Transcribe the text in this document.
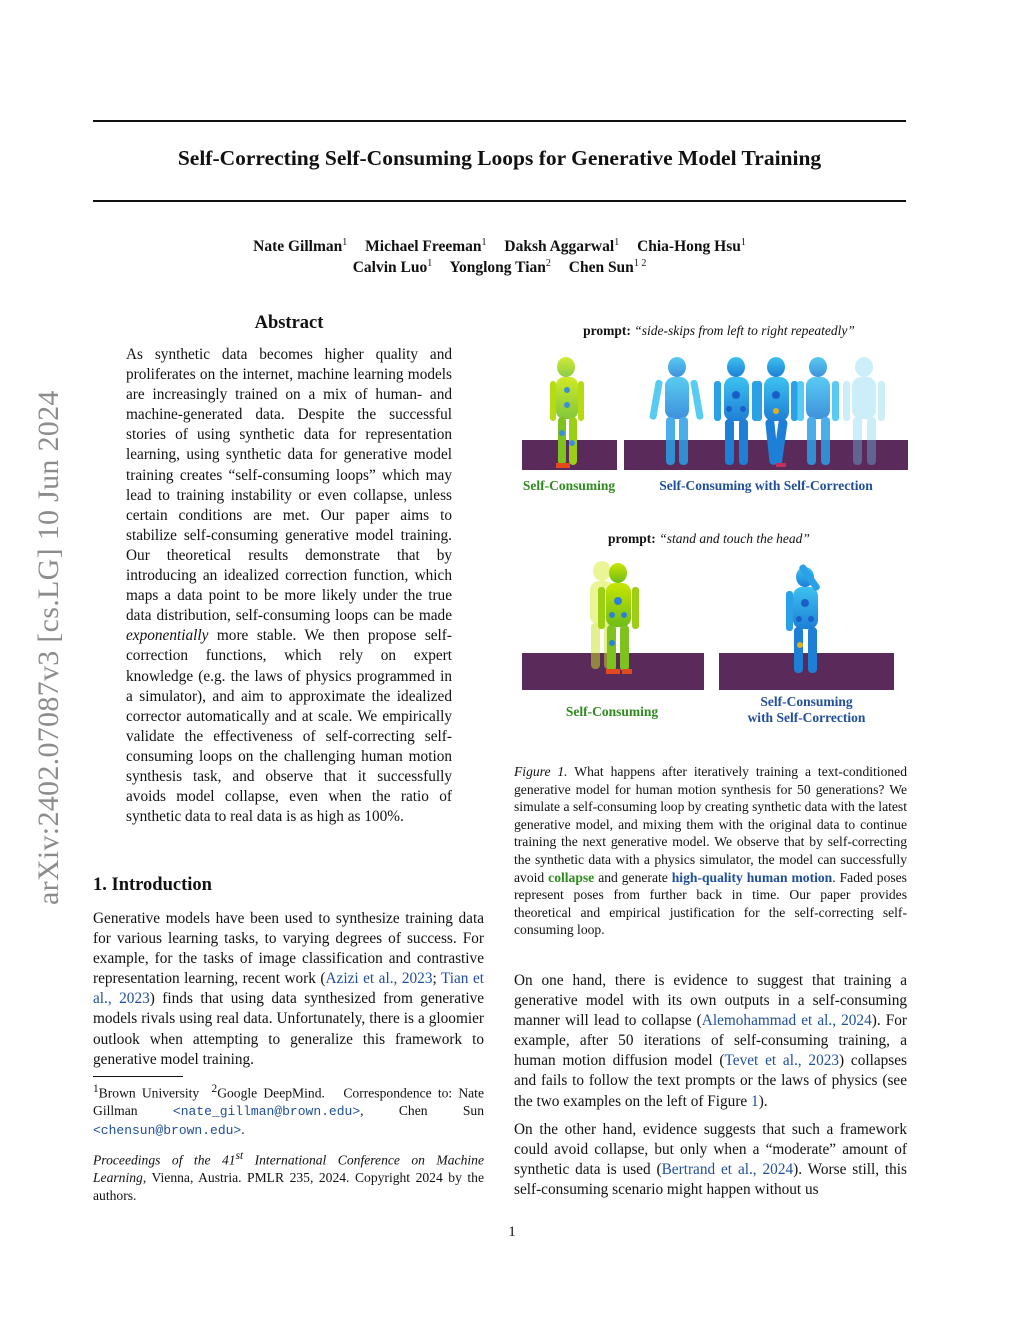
arXiv:2402.07087v3 [cs.LG] 10 Jun 2024
Self-Correcting Self-Consuming Loops for Generative Model Training
Nate Gillman$^1$ Michael Freeman$^1$ Daksh Aggarwal$^1$ Chia-Hong Hsu$^1$
Calvin Luo$^1$ Yonglong Tian$^2$ Chen Sun$^{1 2}$
Abstract

As synthetic data becomes higher quality and proliferates on the internet, machine learning models are increasingly trained on a mix of human- and machine-generated data. Despite the successful stories of using synthetic data for representation learning, using synthetic data for generative model training creates “self-consuming loops” which may lead to training instability or even collapse, unless certain conditions are met. Our paper aims to stabilize self-consuming generative model training. Our theoretical results demonstrate that by introducing an idealized correction function, which maps a data point to be more likely under the true data distribution, self-consuming loops can be made exponentially more stable. We then propose self-correction functions, which rely on expert knowledge (e.g. the laws of physics programmed in a simulator), and aim to approximate the idealized corrector automatically and at scale. We empirically validate the effectiveness of self-correcting self-consuming loops on the challenging human motion synthesis task, and observe that it successfully avoids model collapse, even when the ratio of synthetic data to real data is as high as 100%.

1. Introduction

Generative models have been used to synthesize training data for various learning tasks, to varying degrees of success. For example, for the tasks of image classification and contrastive representation learning, recent work (Azizi et al., 2023; Tian et al., 2023) finds that using data synthesized from generative models rivals using real data. Unfortunately, there is a gloomier outlook when attempting to generalize this framework to generative model training.

$^1$Brown University $^2$Google DeepMind. Correspondence to: Nate Gillman	<nate_gillman@brown.edu>, Chen Sun <chensun@brown.edu>.

Proceedings of the 41st International Conference on Machine Learning, Vienna, Austria. PMLR 235, 2024. Copyright 2024 by the authors.
prompt: “side-skips from left to right repeatedly”
Self-Consuming	Self-Consuming with Self-Correction
prompt: “stand and touch the head”
Self-Consuming
Self-Consuming
with Self-Correction
Figure 1. What happens after iteratively training a text-conditioned generative model for human motion synthesis for 50 generations? We simulate a self-consuming loop by creating synthetic data with the latest generative model, and mixing them with the original data to continue training the next generative model. We observe that by self-correcting the synthetic data with a physics simulator, the model can successfully avoid collapse and generate high-quality human motion. Faded poses represent poses from further back in time. Our paper provides theoretical and empirical justification for the self-correcting self-consuming loop.

On one hand, there is evidence to suggest that training a generative model with its own outputs in a self-consuming manner will lead to collapse (Alemohammad et al., 2024). For example, after 50 iterations of self-consuming training, a human motion diffusion model (Tevet et al., 2023) collapses and fails to follow the text prompts or the laws of physics (see the two examples on the left of Figure 1).

On the other hand, evidence suggests that such a framework could avoid collapse, but only when a “moderate” amount of synthetic data is used (Bertrand et al., 2024). Worse still, this self-consuming scenario might happen without us

1
